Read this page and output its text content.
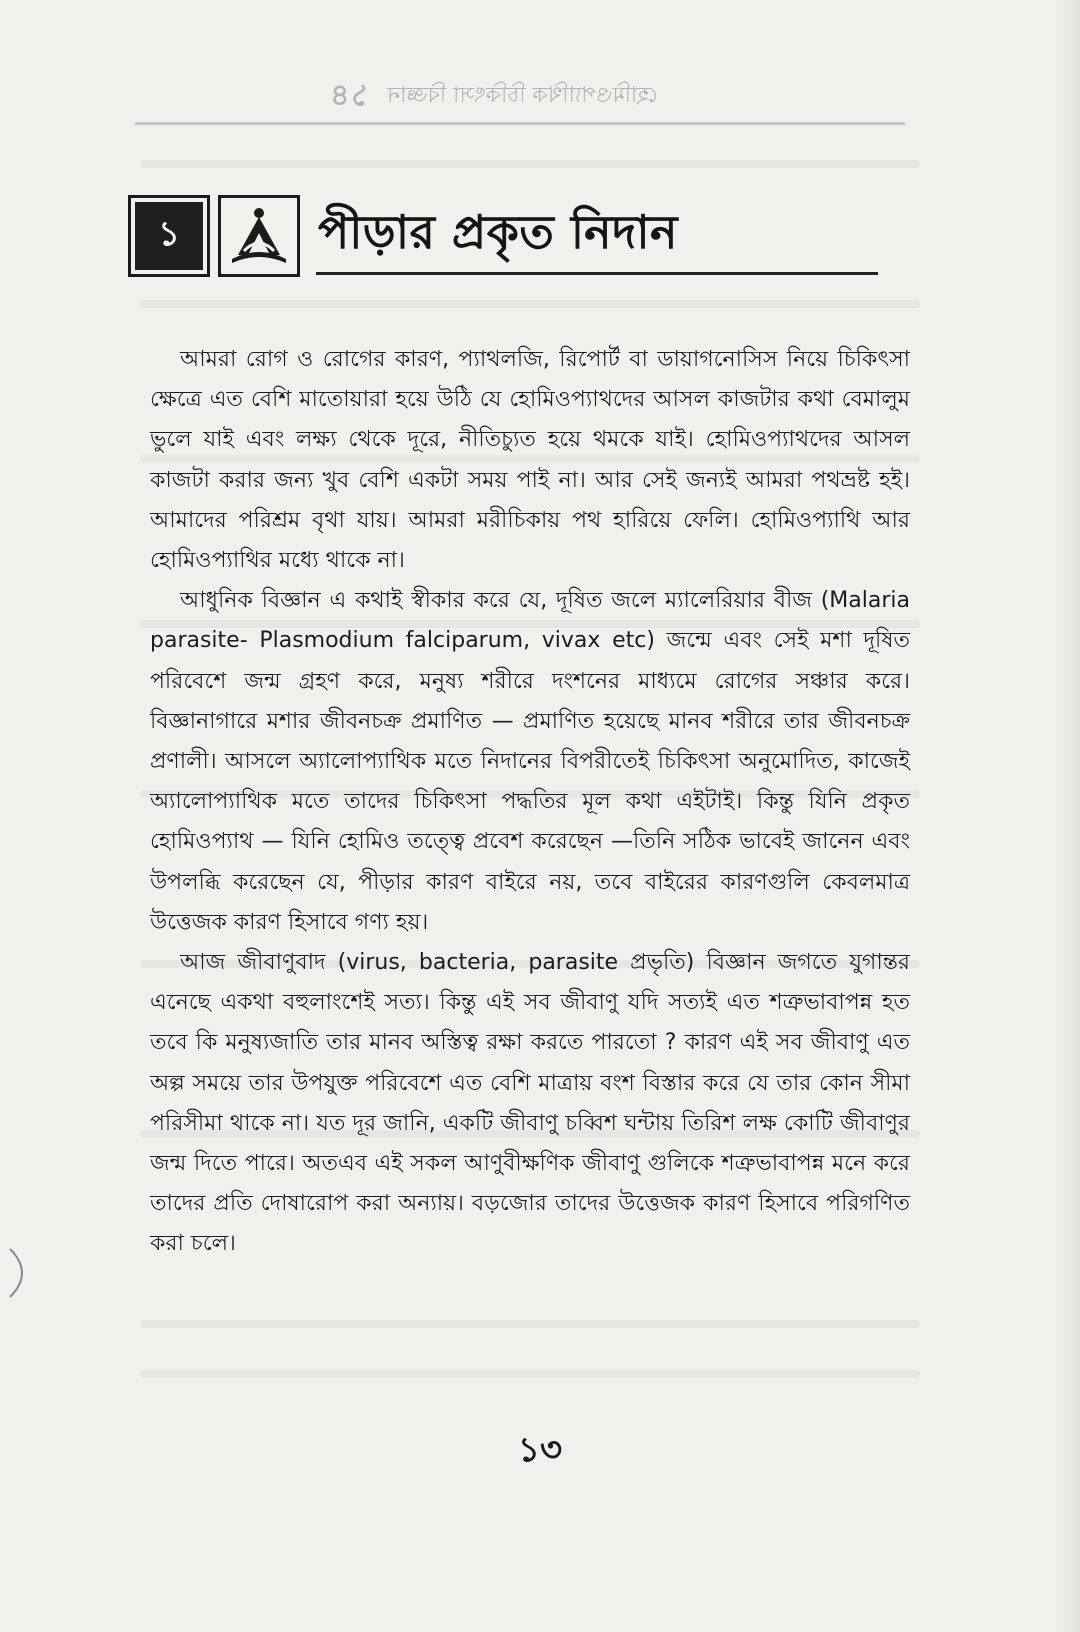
হোমিওপ্যাথিক চিকিৎসা বিজ্ঞান
১৪
১	পীড়ার প্রকৃত নিদান

আমরা রোগ ও রোগের কারণ, প্যাথলজি, রিপোর্ট বা ডায়াগনোসিস নিয়ে চিকিৎসা ক্ষেত্রে এত বেশি মাতোয়ারা হয়ে উঠি যে হোমিওপ্যাথদের আসল কাজটার কথা বেমালুম ভুলে যাই এবং লক্ষ্য থেকে দূরে, নীতিচ্যুত হয়ে থমকে যাই। হোমিওপ্যাথদের আসল কাজটা করার জন্য খুব বেশি একটা সময় পাই না। আর সেই জন্যই আমরা পথভ্রষ্ট হই। আমাদের পরিশ্রম বৃথা যায়। আমরা মরীচিকায় পথ হারিয়ে ফেলি। হোমিওপ্যাথি আর হোমিওপ্যাথির মধ্যে থাকে না।

আধুনিক বিজ্ঞান এ কথাই স্বীকার করে যে, দূষিত জলে ম্যালেরিয়ার বীজ (Malaria parasite- Plasmodium falciparum, vivax etc) জন্মে এবং সেই মশা দূষিত পরিবেশে জন্ম গ্রহণ করে, মনুষ্য শরীরে দংশনের মাধ্যমে রোগের সঞ্চার করে। বিজ্ঞানাগারে মশার জীবনচক্র প্রমাণিত — প্রমাণিত হয়েছে মানব শরীরে তার জীবনচক্র প্রণালী। আসলে অ্যালোপ্যাথিক মতে নিদানের বিপরীতেই চিকিৎসা অনুমোদিত, কাজেই অ্যালোপ্যাথিক মতে তাদের চিকিৎসা পদ্ধতির মূল কথা এইটাই। কিন্তু যিনি প্রকৃত হোমিওপ্যাথ — যিনি হোমিও তত্ত্বে প্রবেশ করেছেন —তিনি সঠিক ভাবেই জানেন এবং উপলব্ধি করেছেন যে, পীড়ার কারণ বাইরে নয়, তবে বাইরের কারণগুলি কেবলমাত্র উত্তেজক কারণ হিসাবে গণ্য হয়।

আজ জীবাণুবাদ (virus, bacteria, parasite প্রভৃতি) বিজ্ঞান জগতে যুগান্তর এনেছে একথা বহুলাংশেই সত্য। কিন্তু এই সব জীবাণু যদি সত্যই এত শত্রুভাবাপন্ন হত তবে কি মনুষ্যজাতি তার মানব অস্তিত্ব রক্ষা করতে পারতো ? কারণ এই সব জীবাণু এত অল্প সময়ে তার উপযুক্ত পরিবেশে এত বেশি মাত্রায় বংশ বিস্তার করে যে তার কোন সীমা পরিসীমা থাকে না। যত দূর জানি, একটি জীবাণু চব্বিশ ঘন্টায় তিরিশ লক্ষ কোটি জীবাণুর জন্ম দিতে পারে। অতএব এই সকল আণুবীক্ষণিক জীবাণু গুলিকে শত্রুভাবাপন্ন মনে করে তাদের প্রতি দোষারোপ করা অন্যায়। বড়জোর তাদের উত্তেজক কারণ হিসাবে পরিগণিত করা চলে।

১৩
